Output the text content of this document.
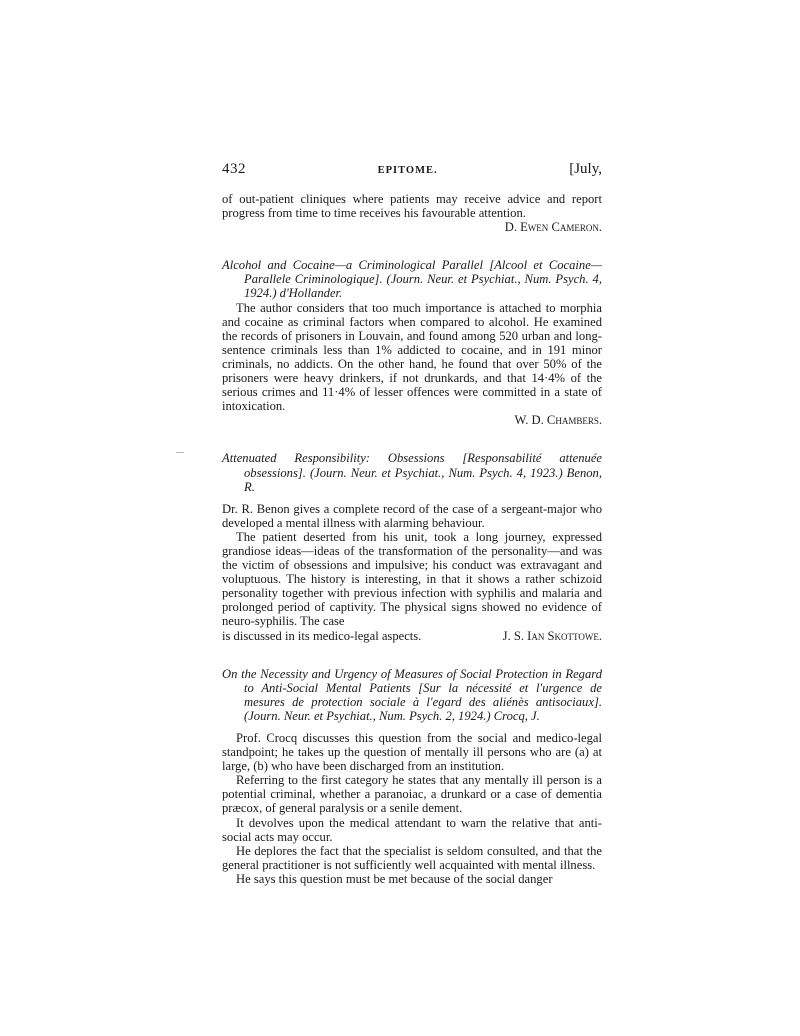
432	EPITOME.	[July,

of out-patient cliniques where patients may receive advice and report progress from time to time receives his favourable attention.

D. Ewen Cameron.

Alcohol and Cocaine—a Criminological Parallel [Alcool et Cocaine—Parallele Criminologique]. (Journ. Neur. et Psychiat., Num. Psych. 4, 1924.) d'Hollander.

The author considers that too much importance is attached to morphia and cocaine as criminal factors when compared to alcohol. He examined the records of prisoners in Louvain, and found among 520 urban and long-sentence criminals less than 1% addicted to cocaine, and in 191 minor criminals, no addicts. On the other hand, he found that over 50% of the prisoners were heavy drinkers, if not drunkards, and that 14·4% of the serious crimes and 11·4% of lesser offences were committed in a state of intoxication.

W. D. Chambers.

Attenuated Responsibility: Obsessions [Responsabilité attenuée obsessions]. (Journ. Neur. et Psychiat., Num. Psych. 4, 1923.) Benon, R.

Dr. R. Benon gives a complete record of the case of a sergeant-major who developed a mental illness with alarming behaviour.

The patient deserted from his unit, took a long journey, expressed grandiose ideas—ideas of the transformation of the personality—and was the victim of obsessions and impulsive; his conduct was extravagant and voluptuous. The history is interesting, in that it shows a rather schizoid personality together with previous infection with syphilis and malaria and prolonged period of captivity. The physical signs showed no evidence of neuro-syphilis. The case

is discussed in its medico-legal aspects.	J. S. Ian Skottowe.

On the Necessity and Urgency of Measures of Social Protection in Regard to Anti-Social Mental Patients [Sur la nécessité et l'urgence de mesures de protection sociale à l'egard des aliénès antisociaux]. (Journ. Neur. et Psychiat., Num. Psych. 2, 1924.) Crocq, J.

Prof. Crocq discusses this question from the social and medico-legal standpoint; he takes up the question of mentally ill persons who are (a) at large, (b) who have been discharged from an institution.

Referring to the first category he states that any mentally ill person is a potential criminal, whether a paranoiac, a drunkard or a case of dementia præcox, of general paralysis or a senile dement.

It devolves upon the medical attendant to warn the relative that anti-social acts may occur.

He deplores the fact that the specialist is seldom consulted, and that the general practitioner is not sufficiently well acquainted with mental illness.

He says this question must be met because of the social danger
